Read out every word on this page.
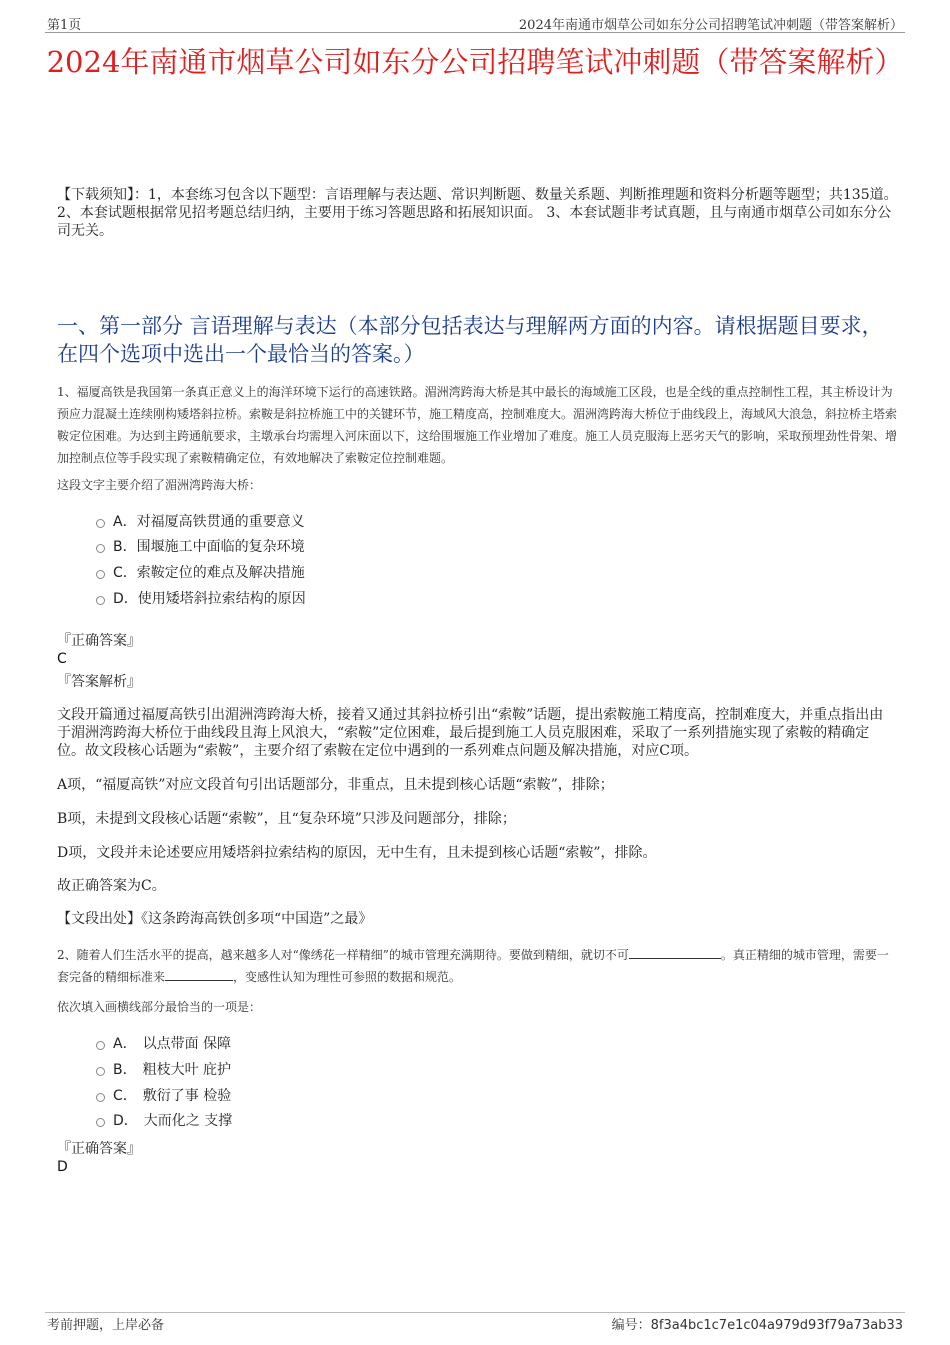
第1页	2024年南通市烟草公司如东分公司招聘笔试冲刺题（带答案解析）
2024年南通市烟草公司如东分公司招聘笔试冲刺题（带答案解析）
【下载须知】：1，本套练习包含以下题型：言语理解与表达题、常识判断题、数量关系题、判断推理题和资料分析题等题型；共135道。 2、本套试题根据常见招考题总结归纳，主要用于练习答题思路和拓展知识面。 3、本套试题非考试真题，且与南通市烟草公司如东分公司无关。
一、第一部分 言语理解与表达（本部分包括表达与理解两方面的内容。请根据题目要求，在四个选项中选出一个最恰当的答案。）
1、福厦高铁是我国第一条真正意义上的海洋环境下运行的高速铁路。湄洲湾跨海大桥是其中最长的海域施工区段，也是全线的重点控制性工程，其主桥设计为预应力混凝土连续刚构矮塔斜拉桥。索鞍是斜拉桥施工中的关键环节，施工精度高，控制难度大。湄洲湾跨海大桥位于曲线段上，海域风大浪急，斜拉桥主塔索鞍定位困难。为达到主跨通航要求，主墩承台均需埋入河床面以下，这给围堰施工作业增加了难度。施工人员克服海上恶劣天气的影响，采取预埋劲性骨架、增加控制点位等手段实现了索鞍精确定位，有效地解决了索鞍定位控制难题。
这段文字主要介绍了湄洲湾跨海大桥：
A． 对福厦高铁贯通的重要意义
B． 围堰施工中面临的复杂环境
C． 索鞍定位的难点及解决措施
D． 使用矮塔斜拉索结构的原因
『正确答案』
C
『答案解析』
文段开篇通过福厦高铁引出湄洲湾跨海大桥，接着又通过其斜拉桥引出“索鞍”话题，提出索鞍施工精度高，控制难度大，并重点指出由于湄洲湾跨海大桥位于曲线段且海上风浪大，“索鞍”定位困难，最后提到施工人员克服困难，采取了一系列措施实现了索鞍的精确定位。故文段核心话题为“索鞍”，主要介绍了索鞍在定位中遇到的一系列难点问题及解决措施，对应C项。
A项，“福厦高铁”对应文段首句引出话题部分，非重点，且未提到核心话题“索鞍”，排除；
B项，未提到文段核心话题“索鞍”，且“复杂环境”只涉及问题部分，排除；
D项，文段并未论述要应用矮塔斜拉索结构的原因，无中生有，且未提到核心话题“索鞍”，排除。
故正确答案为C。
【文段出处】《这条跨海高铁创多项“中国造”之最》
2、随着人们生活水平的提高，越来越多人对“像绣花一样精细”的城市管理充满期待。要做到精细，就切不可	。真正精细的城市管理，需要一套完备的精细标准来	，变感性认知为理性可参照的数据和规范。
依次填入画横线部分最恰当的一项是：
A． 以点带面 保障
B． 粗枝大叶 庇护
C． 敷衍了事 检验
D． 大而化之 支撑
『正确答案』
D
考前押题，上岸必备	编号：8f3a4bc1c7e1c04a979d93f79a73ab33
